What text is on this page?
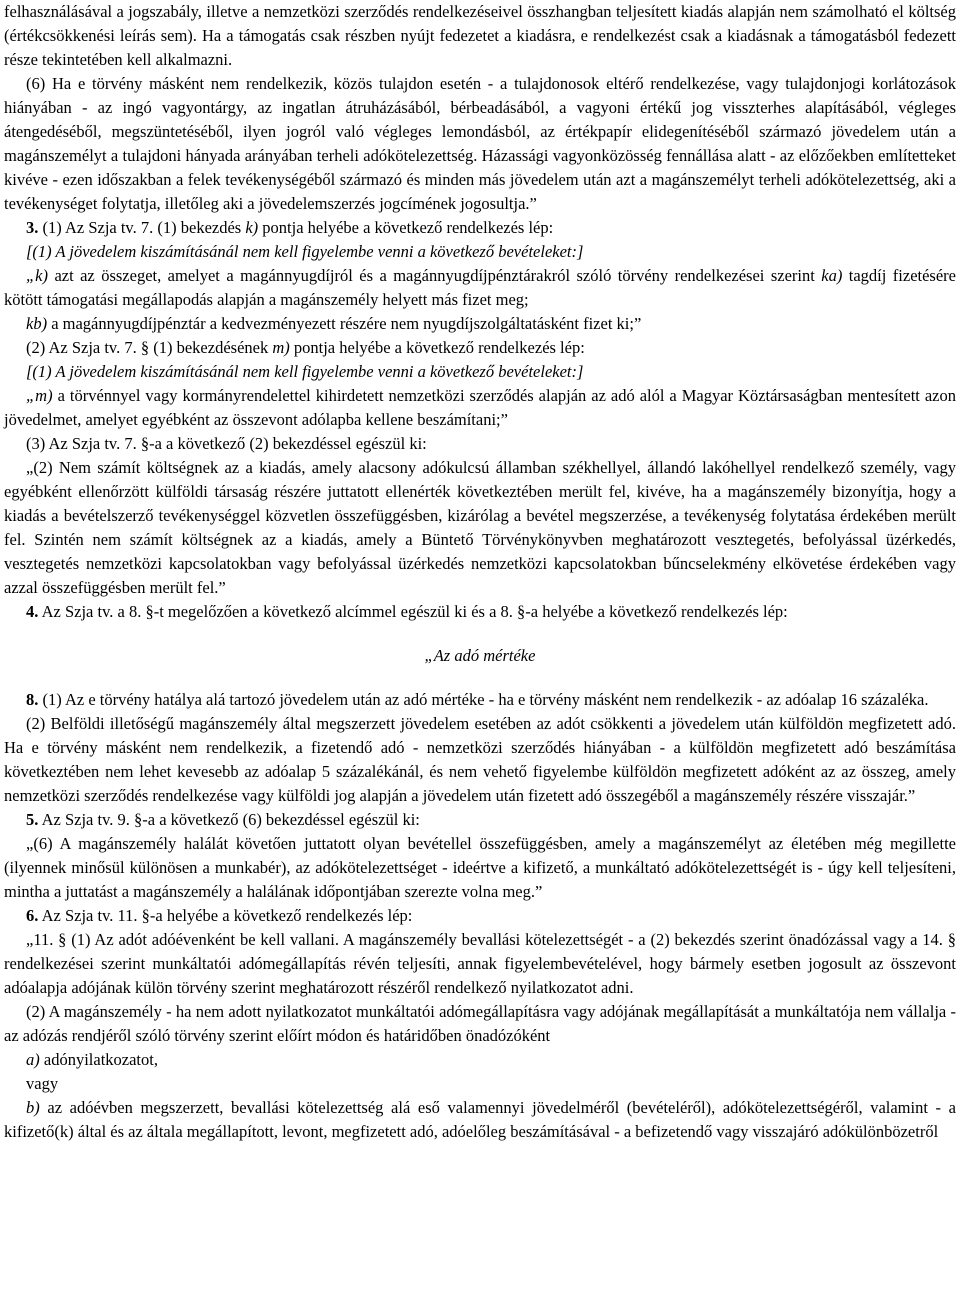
felhasználásával a jogszabály, illetve a nemzetközi szerződés rendelkezéseivel összhangban teljesített kiadás alapján nem számolható el költség (értékcsökkenési leírás sem). Ha a támogatás csak részben nyújt fedezetet a kiadásra, e rendelkezést csak a kiadásnak a támogatásból fedezett része tekintetében kell alkalmazni.

(6) Ha e törvény másként nem rendelkezik, közös tulajdon esetén - a tulajdonosok eltérő rendelkezése, vagy tulajdonjogi korlátozások hiányában - az ingó vagyontárgy, az ingatlan átruházásából, bérbeadásából, a vagyoni értékű jog visszterhes alapításából, végleges átengedéséből, megszüntetéséből, ilyen jogról való végleges lemondásból, az értékpapír elidegenítéséből származó jövedelem után a magánszemélyt a tulajdoni hányada arányában terheli adókötelezettség. Házassági vagyonközösség fennállása alatt - az előzőekben említetteket kivéve - ezen időszakban a felek tevékenységéből származó és minden más jövedelem után azt a magánszemélyt terheli adókötelezettség, aki a tevékenységet folytatja, illetőleg aki a jövedelemszerzés jogcímének jogosultja.”

3. (1) Az Szja tv. 7. (1) bekezdés k) pontja helyébe a következő rendelkezés lép:

[(1) A jövedelem kiszámításánál nem kell figyelembe venni a következő bevételeket:]

„k) azt az összeget, amelyet a magánnyugdíjról és a magánnyugdíjpénztárakról szóló törvény rendelkezései szerint ka) tagdíj fizetésére kötött támogatási megállapodás alapján a magánszemély helyett más fizet meg;

kb) a magánnyugdíjpénztár a kedvezményezett részére nem nyugdíjszolgáltatásként fizet ki;”

(2) Az Szja tv. 7. § (1) bekezdésének m) pontja helyébe a következő rendelkezés lép:

[(1) A jövedelem kiszámításánál nem kell figyelembe venni a következő bevételeket:]

„m) a törvénnyel vagy kormányrendelettel kihirdetett nemzetközi szerződés alapján az adó alól a Magyar Köztársaságban mentesített azon jövedelmet, amelyet egyébként az összevont adólapba kellene beszámítani;”

(3) Az Szja tv. 7. §-a a következő (2) bekezdéssel egészül ki:

„(2) Nem számít költségnek az a kiadás, amely alacsony adókulcsú államban székhellyel, állandó lakóhellyel rendelkező személy, vagy egyébként ellenőrzött külföldi társaság részére juttatott ellenérték következtében merült fel, kivéve, ha a magánszemély bizonyítja, hogy a kiadás a bevételszerző tevékenységgel közvetlen összefüggésben, kizárólag a bevétel megszerzése, a tevékenység folytatása érdekében merült fel. Szintén nem számít költségnek az a kiadás, amely a Büntető Törvénykönyvben meghatározott vesztegetés, befolyással üzérkedés, vesztegetés nemzetközi kapcsolatokban vagy befolyással üzérkedés nemzetközi kapcsolatokban bűncselekmény elkövetése érdekében vagy azzal összefüggésben merült fel.”

4. Az Szja tv. a 8. §-t megelőzően a következő alcímmel egészül ki és a 8. §-a helyébe a következő rendelkezés lép:

„Az adó mértéke

8. (1) Az e törvény hatálya alá tartozó jövedelem után az adó mértéke - ha e törvény másként nem rendelkezik - az adóalap 16 százaléka.

(2) Belföldi illetőségű magánszemély által megszerzett jövedelem esetében az adót csökkenti a jövedelem után külföldön megfizetett adó. Ha e törvény másként nem rendelkezik, a fizetendő adó - nemzetközi szerződés hiányában - a külföldön megfizetett adó beszámítása következtében nem lehet kevesebb az adóalap 5 százalékánál, és nem vehető figyelembe külföldön megfizetett adóként az az összeg, amely nemzetközi szerződés rendelkezése vagy külföldi jog alapján a jövedelem után fizetett adó összegéből a magánszemély részére visszajár.”

5. Az Szja tv. 9. §-a a következő (6) bekezdéssel egészül ki:

„(6) A magánszemély halálát követően juttatott olyan bevétellel összefüggésben, amely a magánszemélyt az életében még megillette (ilyennek minősül különösen a munkabér), az adókötelezettséget - ideértve a kifizető, a munkáltató adókötelezettségét is - úgy kell teljesíteni, mintha a juttatást a magánszemély a halálának időpontjában szerezte volna meg.”

6. Az Szja tv. 11. §-a helyébe a következő rendelkezés lép:

„11. § (1) Az adót adóévenként be kell vallani. A magánszemély bevallási kötelezettségét - a (2) bekezdés szerint önadózással vagy a 14. § rendelkezései szerint munkáltatói adómegállapítás révén teljesíti, annak figyelembevételével, hogy bármely esetben jogosult az összevont adóalapja adójának külön törvény szerint meghatározott részéről rendelkező nyilatkozatot adni.

(2) A magánszemély - ha nem adott nyilatkozatot munkáltatói adómegállapításra vagy adójának megállapítását a munkáltatója nem vállalja - az adózás rendjéről szóló törvény szerint előírt módon és határidőben önadózóként

a) adónyilatkozatot,

vagy

b) az adóévben megszerzett, bevallási kötelezettség alá eső valamennyi jövedelméről (bevételéről), adókötelezettségéről, valamint - a kifizető(k) által és az általa megállapított, levont, megfizetett adó, adóelőleg beszámításával - a befizetendő vagy visszajáró adókülönbözetről
